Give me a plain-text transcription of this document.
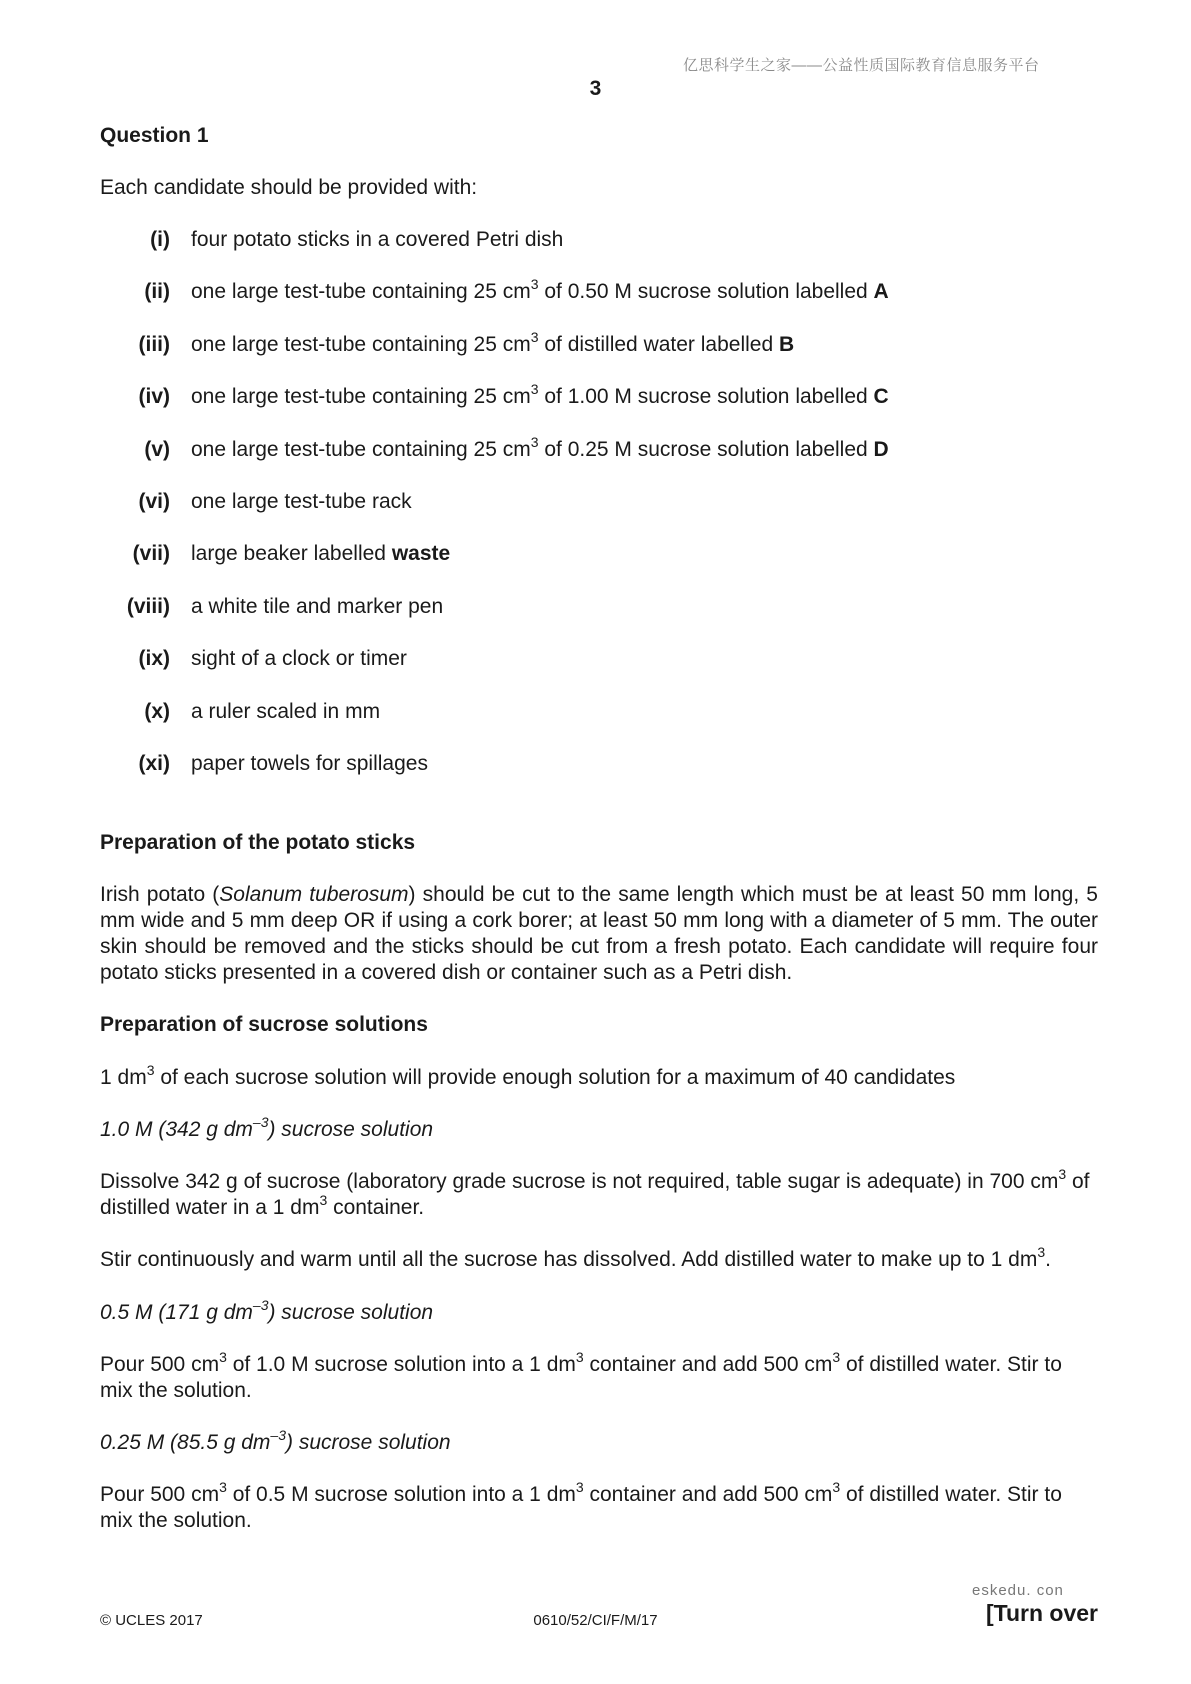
亿思科学生之家——公益性质国际教育信息服务平台
3
Question 1
Each candidate should be provided with:
(i) four potato sticks in a covered Petri dish
(ii) one large test-tube containing 25 $cm^3$ of 0.50 M sucrose solution labelled A
(iii) one large test-tube containing 25 $cm^3$ of distilled water labelled B
(iv) one large test-tube containing 25 $cm^3$ of 1.00 M sucrose solution labelled C
(v) one large test-tube containing 25 $cm^3$ of 0.25 M sucrose solution labelled D
(vi) one large test-tube rack
(vii) large beaker labelled waste
(viii) a white tile and marker pen
(ix) sight of a clock or timer
(x) a ruler scaled in mm
(xi) paper towels for spillages
Preparation of the potato sticks
Irish potato (Solanum tuberosum) should be cut to the same length which must be at least 50 mm long, 5 mm wide and 5 mm deep OR if using a cork borer; at least 50 mm long with a diameter of 5 mm. The outer skin should be removed and the sticks should be cut from a fresh potato. Each candidate will require four potato sticks presented in a covered dish or container such as a Petri dish.
Preparation of sucrose solutions
1 $dm^3$ of each sucrose solution will provide enough solution for a maximum of 40 candidates
1.0 M (342 g $dm^{-3}$) sucrose solution
Dissolve 342 g of sucrose (laboratory grade sucrose is not required, table sugar is adequate) in 700 $cm^3$ of distilled water in a 1 $dm^3$ container.
Stir continuously and warm until all the sucrose has dissolved. Add distilled water to make up to 1 $dm^3$.
0.5 M (171 g $dm^{-3}$) sucrose solution
Pour 500 $cm^3$ of 1.0 M sucrose solution into a 1 $dm^3$ container and add 500 $cm^3$ of distilled water. Stir to mix the solution.
0.25 M (85.5 g $dm^{-3}$) sucrose solution
Pour 500 $cm^3$ of 0.5 M sucrose solution into a 1 $dm^3$ container and add 500 $cm^3$ of distilled water. Stir to mix the solution.
eskedu. con
© UCLES 2017	0610/52/CI/F/M/17	[Turn over
